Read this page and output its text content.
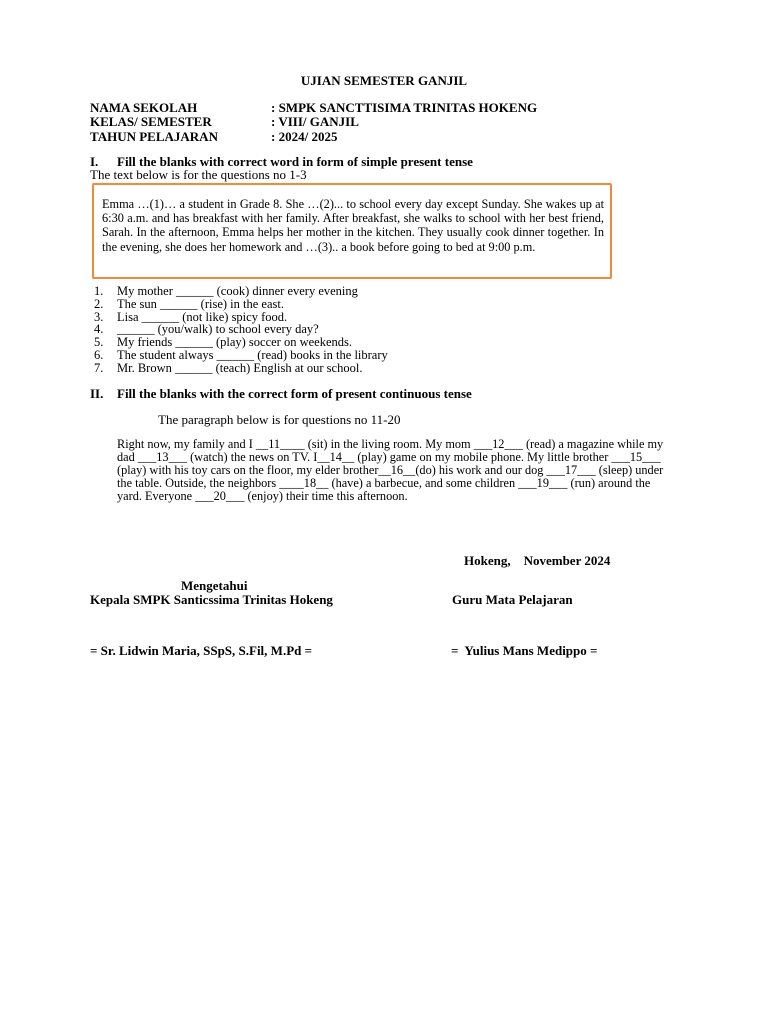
UJIAN SEMESTER GANJIL
NAMA SEKOLAH	: SMPK SANCTTISIMA TRINITAS HOKENG
KELAS/ SEMESTER	: VIII/ GANJIL
TAHUN PELAJARAN	: 2024/ 2025
I. Fill the blanks with correct word in form of simple present tense
The text below is for the questions no 1-3

Emma …(1)… a student in Grade 8. She …(2)... to school every day except Sunday. She wakes up at 6:30 a.m. and has breakfast with her family. After breakfast, she walks to school with her best friend, Sarah. In the afternoon, Emma helps her mother in the kitchen. They usually cook dinner together. In the evening, she does her homework and …(3).. a book before going to bed at 9:00 p.m.

1. My mother ______ (cook) dinner every evening
2. The sun ______ (rise) in the east.
3. Lisa ______ (not like) spicy food.
4. ______ (you/walk) to school every day?
5. My friends ______ (play) soccer on weekends.
6. The student always ______ (read) books in the library
7. Mr. Brown ______ (teach) English at our school.
II. Fill the blanks with the correct form of present continuous tense
The paragraph below is for questions no 11-20

Right now, my family and I __11____ (sit) in the living room. My mom ___12___ (read) a magazine while my dad ___13___ (watch) the news on TV. I__14__ (play) game on my mobile phone. My little brother ___15___ (play) with his toy cars on the floor, my elder brother__16__(do) his work and our dog ___17___ (sleep) under the table. Outside, the neighbors ____18__ (have) a barbecue, and some children ___19___ (run) around the yard. Everyone ___20___ (enjoy) their time this afternoon.

Hokeng,    November 2024
Mengetahui
Kepala SMPK Santicssima Trinitas Hokeng	Guru Mata Pelajaran
= Sr. Lidwin Maria, SSpS, S.Fil, M.Pd =	=  Yulius Mans Medippo =
